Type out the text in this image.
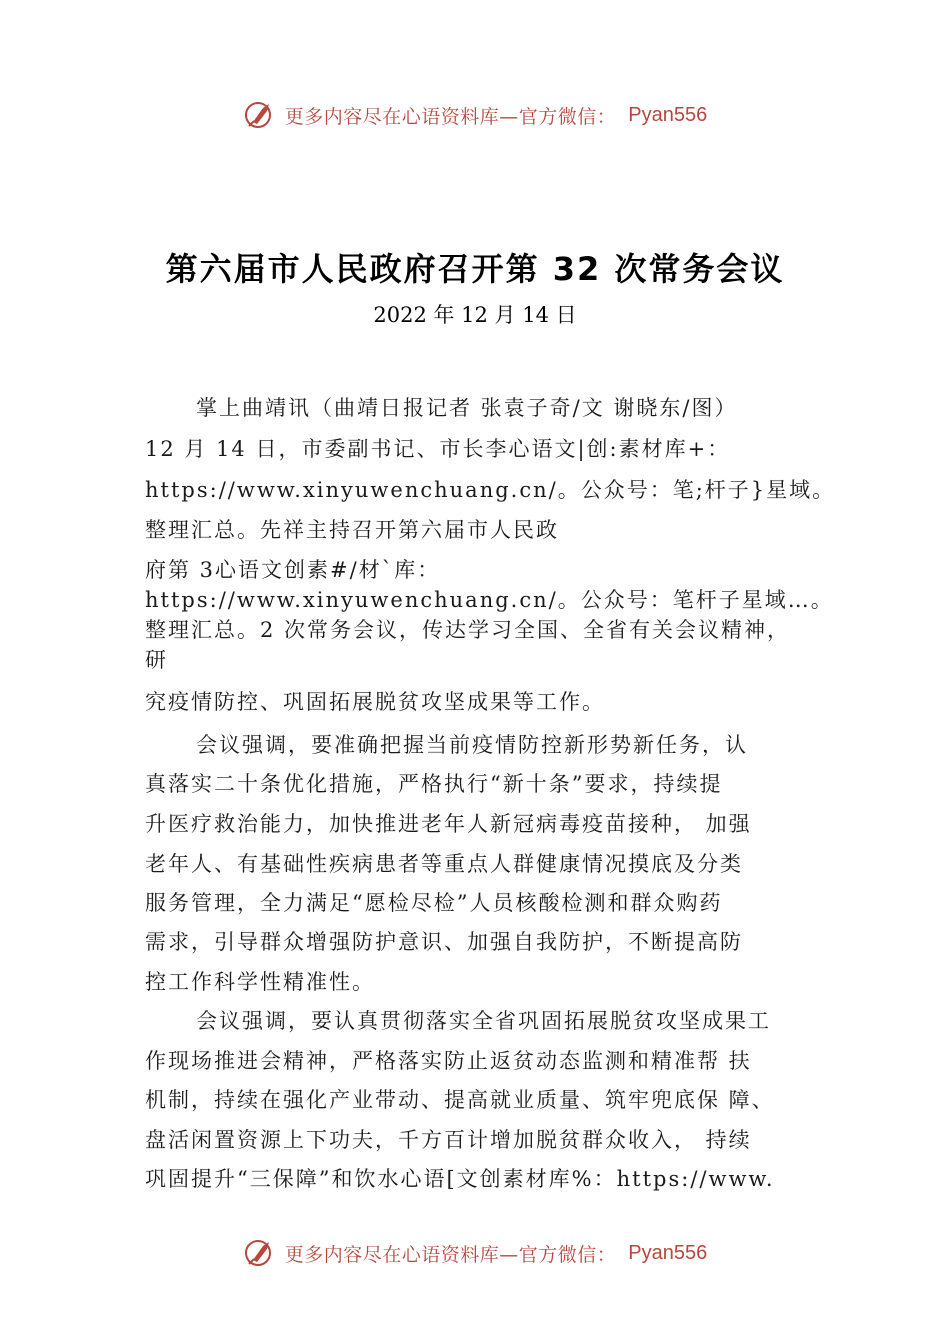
更多内容尽在心语资料库—官方微信： Pyan556
第六届市人民政府召开第 32 次常务会议
2022 年 12 月 14 日
掌上曲靖讯（曲靖日报记者 张袁子奇/文 谢晓东/图）
12 月 14 日，市委副书记、市长李心语文|创:素材库+：
https://www.xinyuwenchuang.cn/。公众号：笔;杆子}星域。
整理汇总。先祥主持召开第六届市人民政
府第 3心语文创素#/材`库：
https://www.xinyuwenchuang.cn/。公众号：笔杆子星域…。
整理汇总。2 次常务会议，传达学习全国、全省有关会议精神，
研
究疫情防控、巩固拓展脱贫攻坚成果等工作。
会议强调，要准确把握当前疫情防控新形势新任务，认
真落实二十条优化措施，严格执行“新十条”要求，持续提
升医疗救治能力，加快推进老年人新冠病毒疫苗接种， 加强
老年人、有基础性疾病患者等重点人群健康情况摸底及分类
服务管理，全力满足“愿检尽检”人员核酸检测和群众购药
需求，引导群众增强防护意识、加强自我防护，不断提高防
控工作科学性精准性。
会议强调，要认真贯彻落实全省巩固拓展脱贫攻坚成果工
作现场推进会精神，严格落实防止返贫动态监测和精准帮 扶
机制，持续在强化产业带动、提高就业质量、筑牢兜底保 障、
盘活闲置资源上下功夫，千方百计增加脱贫群众收入， 持续
巩固提升“三保障”和饮水心语[文创素材库%：https://www.
更多内容尽在心语资料库—官方微信： Pyan556
